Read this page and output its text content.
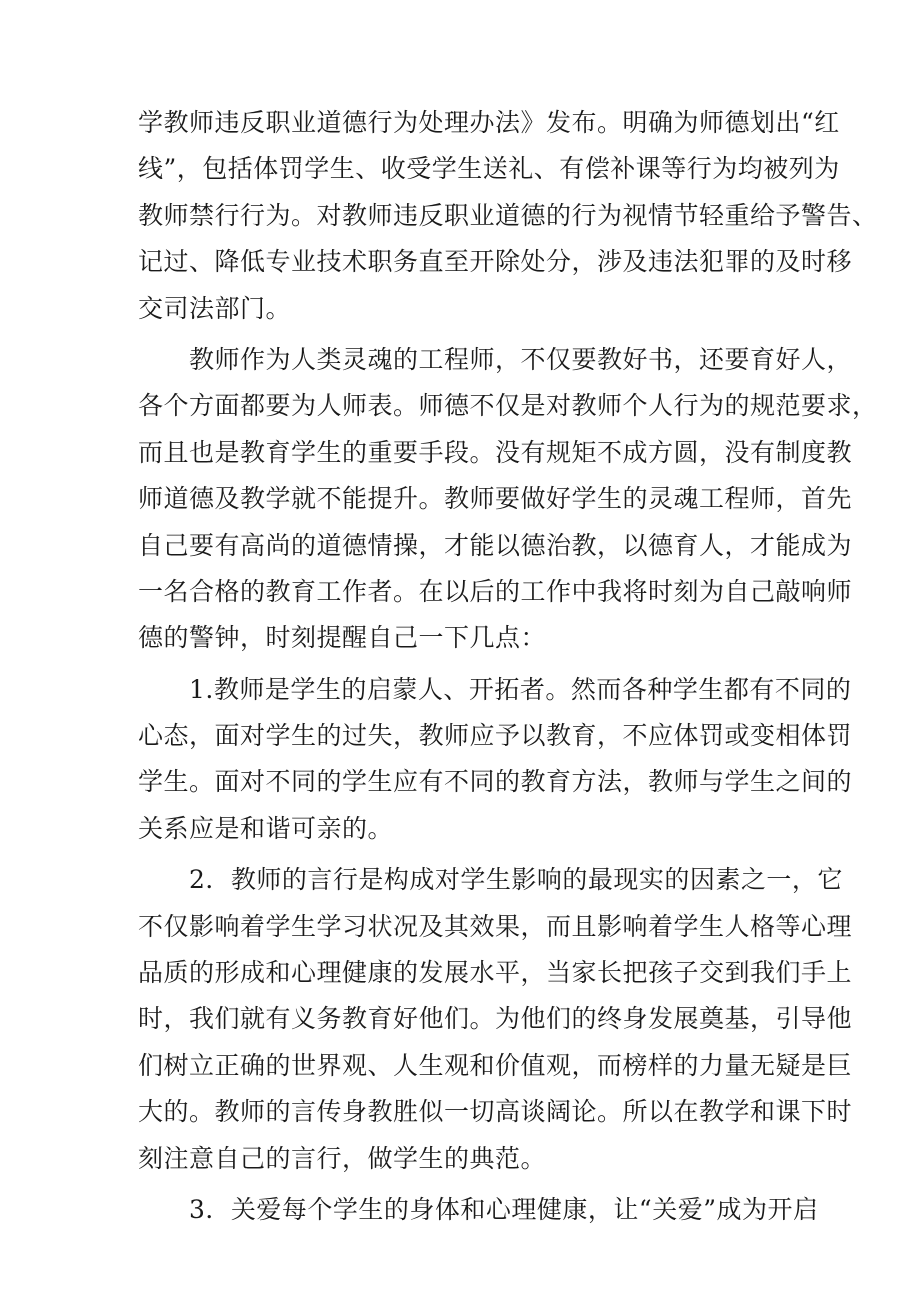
学教师违反职业道德行为处理办法》发布。明确为师德划出“红
线”，包括体罚学生、收受学生送礼、有偿补课等行为均被列为
教师禁行行为。对教师违反职业道德的行为视情节轻重给予警告、
记过、降低专业技术职务直至开除处分，涉及违法犯罪的及时移
交司法部门。
教师作为人类灵魂的工程师，不仅要教好书，还要育好人，
各个方面都要为人师表。师德不仅是对教师个人行为的规范要求，
而且也是教育学生的重要手段。没有规矩不成方圆，没有制度教
师道德及教学就不能提升。教师要做好学生的灵魂工程师，首先
自己要有高尚的道德情操，才能以德治教，以德育人，才能成为
一名合格的教育工作者。在以后的工作中我将时刻为自己敲响师
德的警钟，时刻提醒自己一下几点：
1.教师是学生的启蒙人、开拓者。然而各种学生都有不同的
心态，面对学生的过失，教师应予以教育，不应体罚或变相体罚
学生。面对不同的学生应有不同的教育方法，教师与学生之间的
关系应是和谐可亲的。
2．教师的言行是构成对学生影响的最现实的因素之一，它
不仅影响着学生学习状况及其效果，而且影响着学生人格等心理
品质的形成和心理健康的发展水平，当家长把孩子交到我们手上
时，我们就有义务教育好他们。为他们的终身发展奠基，引导他
们树立正确的世界观、人生观和价值观，而榜样的力量无疑是巨
大的。教师的言传身教胜似一切高谈阔论。所以在教学和课下时
刻注意自己的言行，做学生的典范。
3．关爱每个学生的身体和心理健康，让“关爱”成为开启
